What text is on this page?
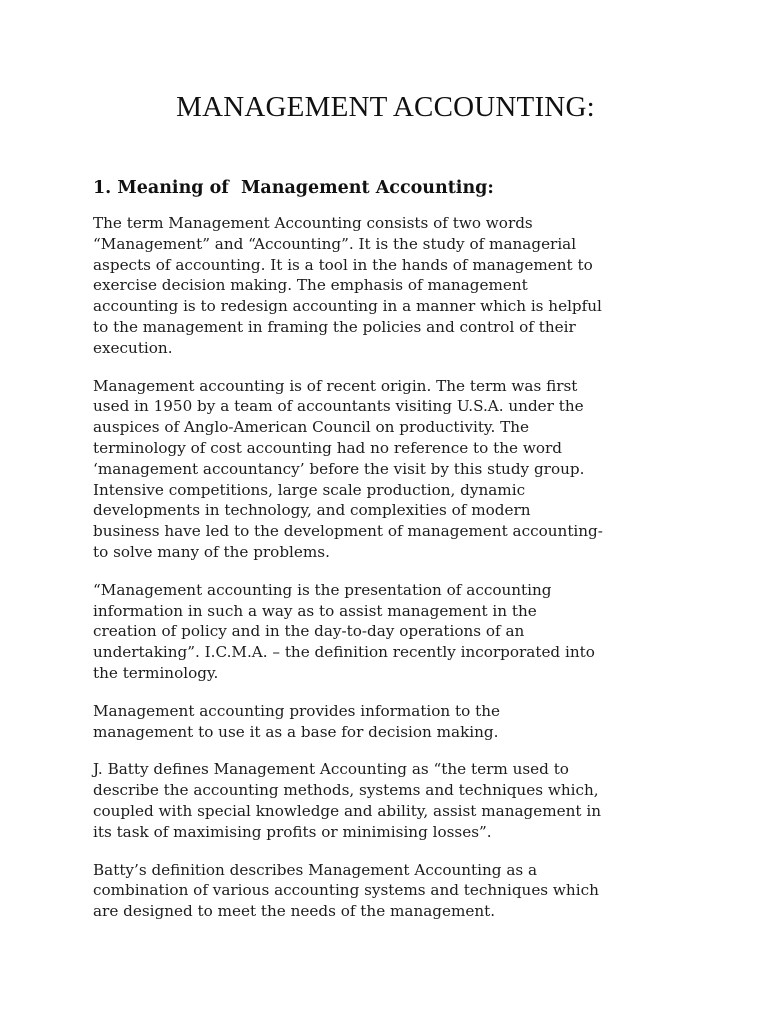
MANAGEMENT ACCOUNTING:
1. Meaning of  Management Accounting:

The term Management Accounting consists of two words
“Management” and “Accounting”. It is the study of managerial
aspects of accounting. It is a tool in the hands of management to
exercise decision making. The emphasis of management
accounting is to redesign accounting in a manner which is helpful
to the management in framing the policies and control of their
execution.

Management accounting is of recent origin. The term was first
used in 1950 by a team of accountants visiting U.S.A. under the
auspices of Anglo-American Council on productivity. The
terminology of cost accounting had no reference to the word
‘management accountancy’ before the visit by this study group.
Intensive competitions, large scale production, dynamic
developments in technology, and complexities of modern
business have led to the development of management accounting-
to solve many of the problems.

“Management accounting is the presentation of accounting
information in such a way as to assist management in the
creation of policy and in the day-to-day operations of an
undertaking”. I.C.M.A. – the definition recently incorporated into
the terminology.

Management accounting provides information to the
management to use it as a base for decision making.

J. Batty defines Management Accounting as “the term used to
describe the accounting methods, systems and techniques which,
coupled with special knowledge and ability, assist management in
its task of maximising profits or minimising losses”.

Batty’s definition describes Management Accounting as a
combination of various accounting systems and techniques which
are designed to meet the needs of the management.
